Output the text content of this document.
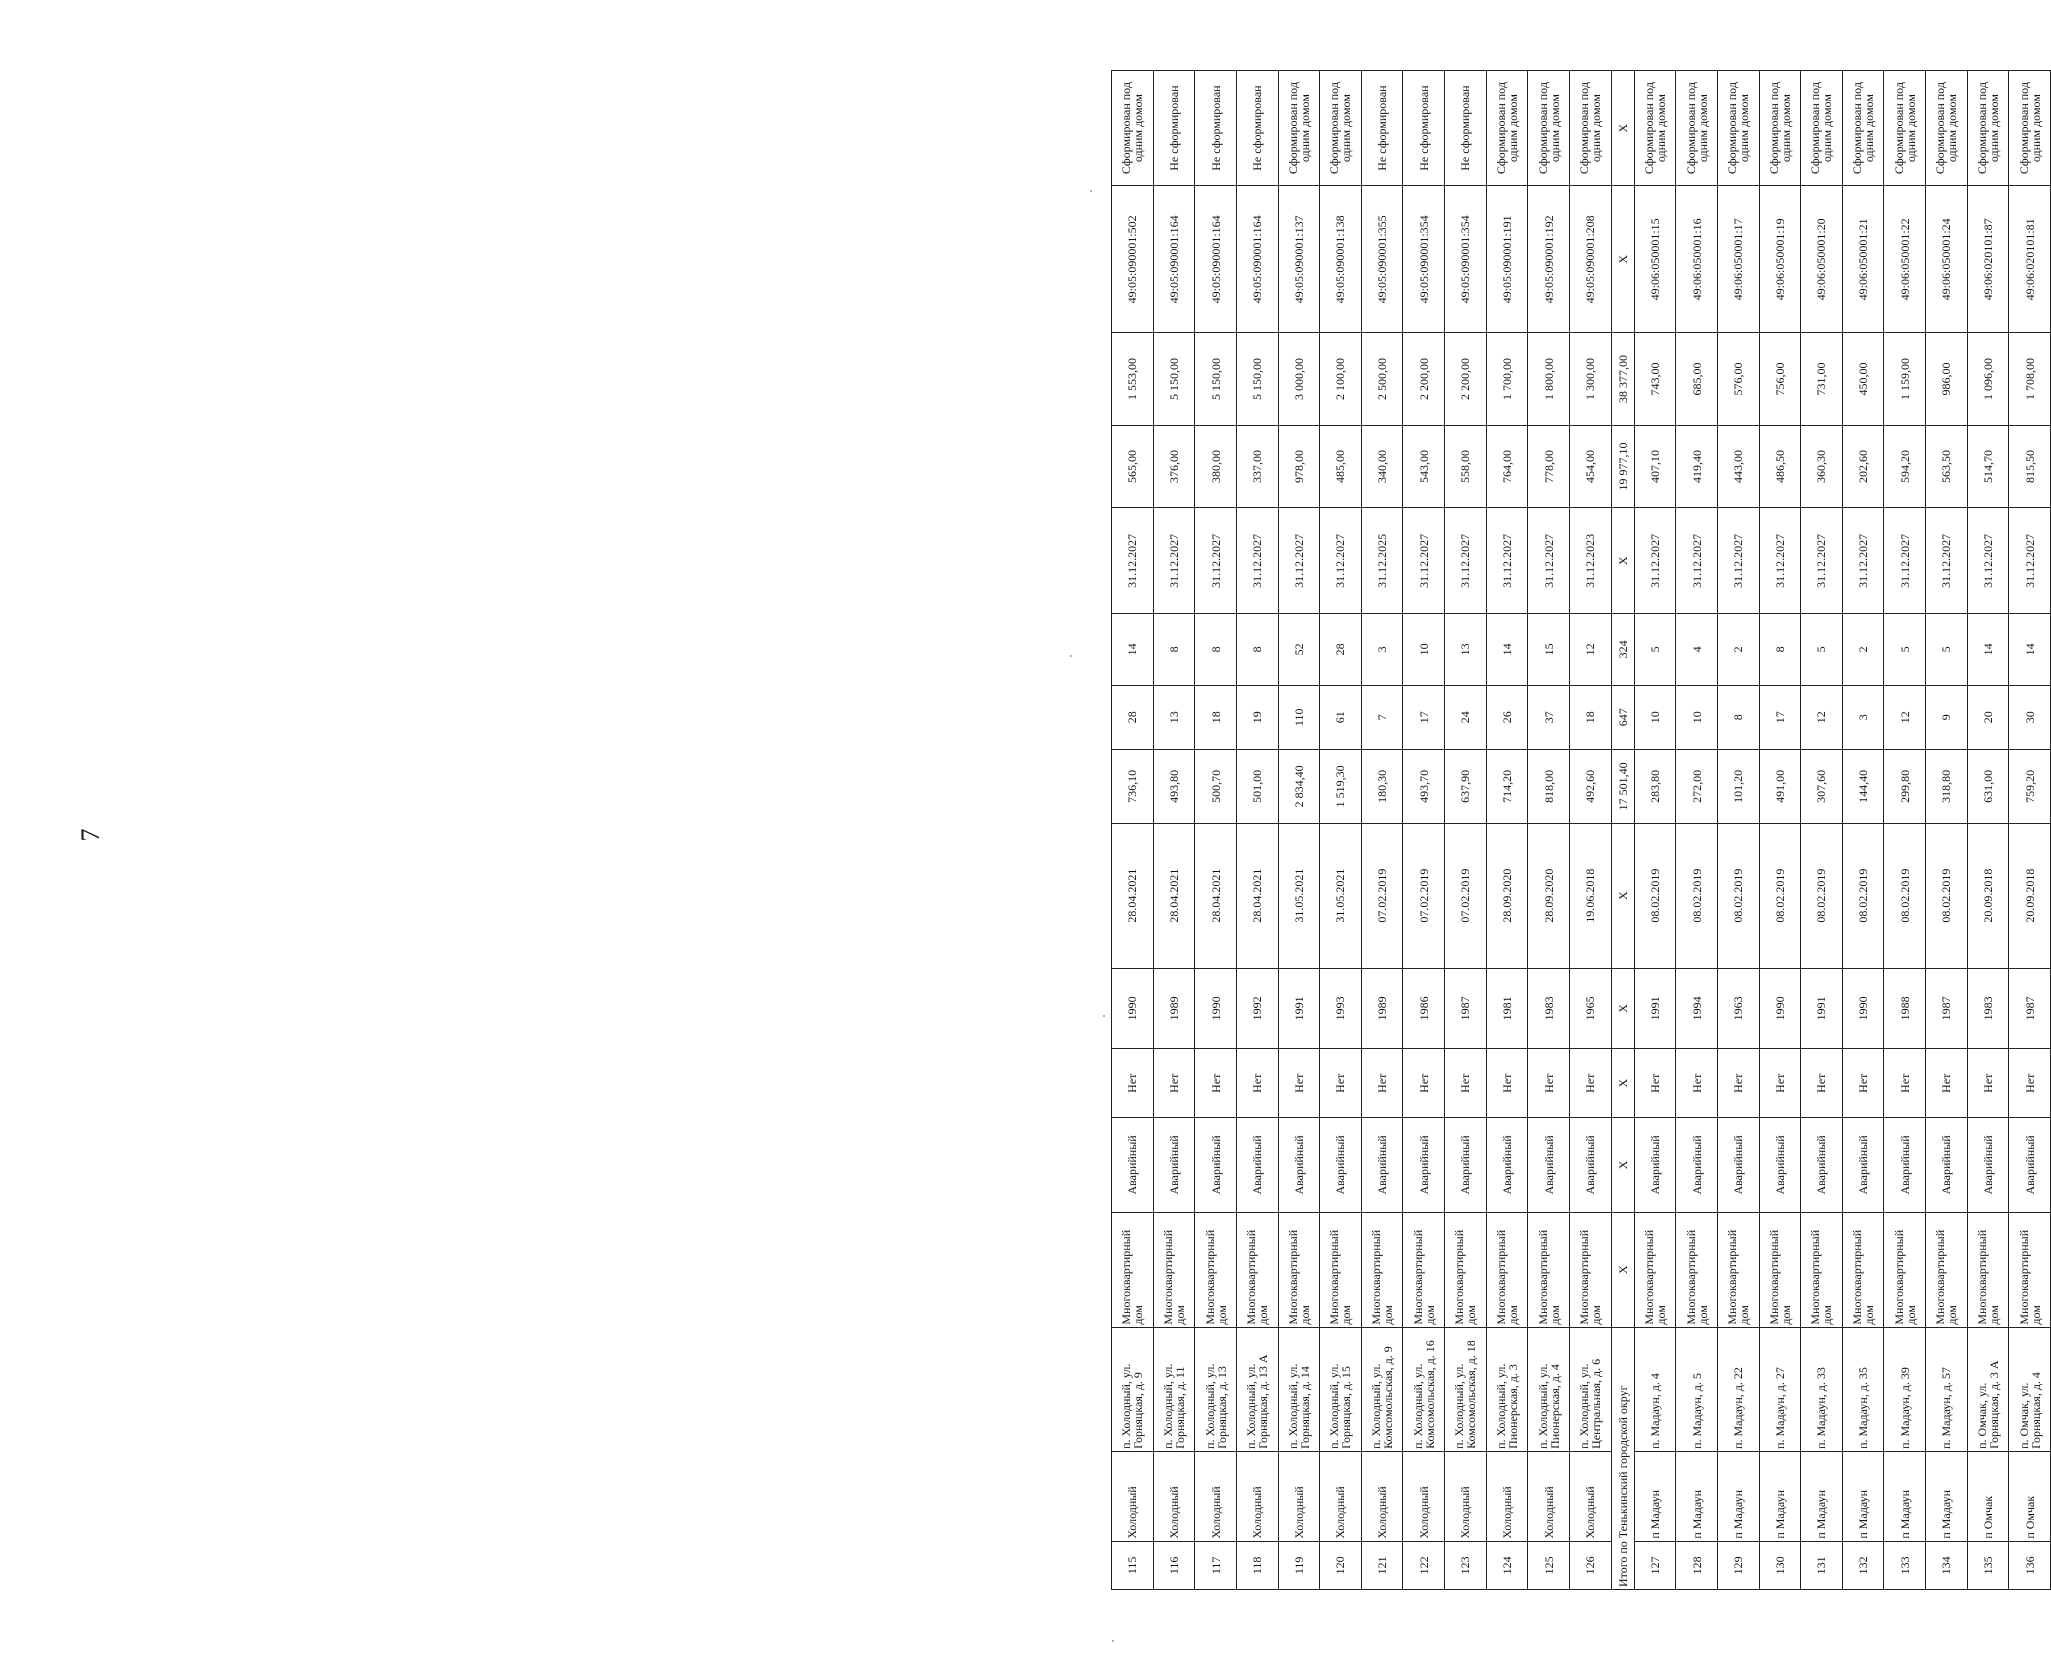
7
115	Холодный	п. Холодный, ул. Горняцкая, д. 9	Многоквартирный дом	Аварийный	Нет	1990	28.04.2021	736,10	28	14	31.12.2027	565,00	1 553,00	49:05:090001:502	Сформирован под одним домом
116	Холодный	п. Холодный, ул. Горняцкая, д. 11	Многоквартирный дом	Аварийный	Нет	1989	28.04.2021	493,80	13	8	31.12.2027	376,00	5 150,00	49:05:090001:164	Не сформирован
117	Холодный	п. Холодный, ул. Горняцкая, д. 13	Многоквартирный дом	Аварийный	Нет	1990	28.04.2021	500,70	18	8	31.12.2027	380,00	5 150,00	49:05:090001:164	Не сформирован
118	Холодный	п. Холодный, ул. Горняцкая, д. 13 А	Многоквартирный дом	Аварийный	Нет	1992	28.04.2021	501,00	19	8	31.12.2027	337,00	5 150,00	49:05:090001:164	Не сформирован
119	Холодный	п. Холодный, ул. Горняцкая, д. 14	Многоквартирный дом	Аварийный	Нет	1991	31.05.2021	2 834,40	110	52	31.12.2027	978,00	3 000,00	49:05:090001:137	Сформирован под одним домом
120	Холодный	п. Холодный, ул. Горняцкая, д. 15	Многоквартирный дом	Аварийный	Нет	1993	31.05.2021	1 519,30	61	28	31.12.2027	485,00	2 100,00	49:05:090001:138	Сформирован под одним домом
121	Холодный	п. Холодный, ул. Комсомольская, д. 9	Многоквартирный дом	Аварийный	Нет	1989	07.02.2019	180,30	7	3	31.12.2025	340,00	2 500,00	49:05:090001:355	Не сформирован
122	Холодный	п. Холодный, ул. Комсомольская, д. 16	Многоквартирный дом	Аварийный	Нет	1986	07.02.2019	493,70	17	10	31.12.2027	543,00	2 200,00	49:05:090001:354	Не сформирован
123	Холодный	п. Холодный, ул. Комсомольская, д. 18	Многоквартирный дом	Аварийный	Нет	1987	07.02.2019	637,90	24	13	31.12.2027	558,00	2 200,00	49:05:090001:354	Не сформирован
124	Холодный	п. Холодный, ул. Пионерская, д. 3	Многоквартирный дом	Аварийный	Нет	1981	28.09.2020	714,20	26	14	31.12.2027	764,00	1 700,00	49:05:090001:191	Сформирован под одним домом
125	Холодный	п. Холодный, ул. Пионерская, д. 4	Многоквартирный дом	Аварийный	Нет	1983	28.09.2020	818,00	37	15	31.12.2027	778,00	1 800,00	49:05:090001:192	Сформирован под одним домом
126	Холодный	п. Холодный, ул. Центральная, д. 6	Многоквартирный дом	Аварийный	Нет	1965	19.06.2018	492,60	18	12	31.12.2023	454,00	1 300,00	49:05:090001:208	Сформирован под одним домом
Итого по Тенькинский городской округ			X	X	X	X	X	17 501,40	647	324	X	19 977,10	38 377,00	X	X
127	п Мадаун	п. Мадаун, д. 4	Многоквартирный дом	Аварийный	Нет	1991	08.02.2019	283,80	10	5	31.12.2027	407,10	743,00	49:06:050001:15	Сформирован под одним домом
128	п Мадаун	п. Мадаун, д. 5	Многоквартирный дом	Аварийный	Нет	1994	08.02.2019	272,00	10	4	31.12.2027	419,40	685,00	49:06:050001:16	Сформирован под одним домом
129	п Мадаун	п. Мадаун, д. 22	Многоквартирный дом	Аварийный	Нет	1963	08.02.2019	101,20	8	2	31.12.2027	443,00	576,00	49:06:050001:17	Сформирован под одним домом
130	п Мадаун	п. Мадаун, д. 27	Многоквартирный дом	Аварийный	Нет	1990	08.02.2019	491,00	17	8	31.12.2027	486,50	756,00	49:06:050001:19	Сформирован под одним домом
131	п Мадаун	п. Мадаун, д. 33	Многоквартирный дом	Аварийный	Нет	1991	08.02.2019	307,60	12	5	31.12.2027	360,30	731,00	49:06:050001:20	Сформирован под одним домом
132	п Мадаун	п. Мадаун, д. 35	Многоквартирный дом	Аварийный	Нет	1990	08.02.2019	144,40	3	2	31.12.2027	202,60	450,00	49:06:050001:21	Сформирован под одним домом
133	п Мадаун	п. Мадаун, д. 39	Многоквартирный дом	Аварийный	Нет	1988	08.02.2019	299,80	12	5	31.12.2027	594,20	1 159,00	49:06:050001:22	Сформирован под одним домом
134	п Мадаун	п. Мадаун, д. 57	Многоквартирный дом	Аварийный	Нет	1987	08.02.2019	318,80	9	5	31.12.2027	563,50	986,00	49:06:050001:24	Сформирован под одним домом
135	п Омчак	п. Омчак, ул. Горняцкая, д. 3 А	Многоквартирный дом	Аварийный	Нет	1983	20.09.2018	631,00	20	14	31.12.2027	514,70	1 096,00	49:06:020101:87	Сформирован под одним домом
136	п Омчак	п. Омчак, ул. Горняцкая, д. 4	Многоквартирный дом	Аварийный	Нет	1987	20.09.2018	759,20	30	14	31.12.2027	815,50	1 708,00	49:06:020101:81	Сформирован под одним домом
